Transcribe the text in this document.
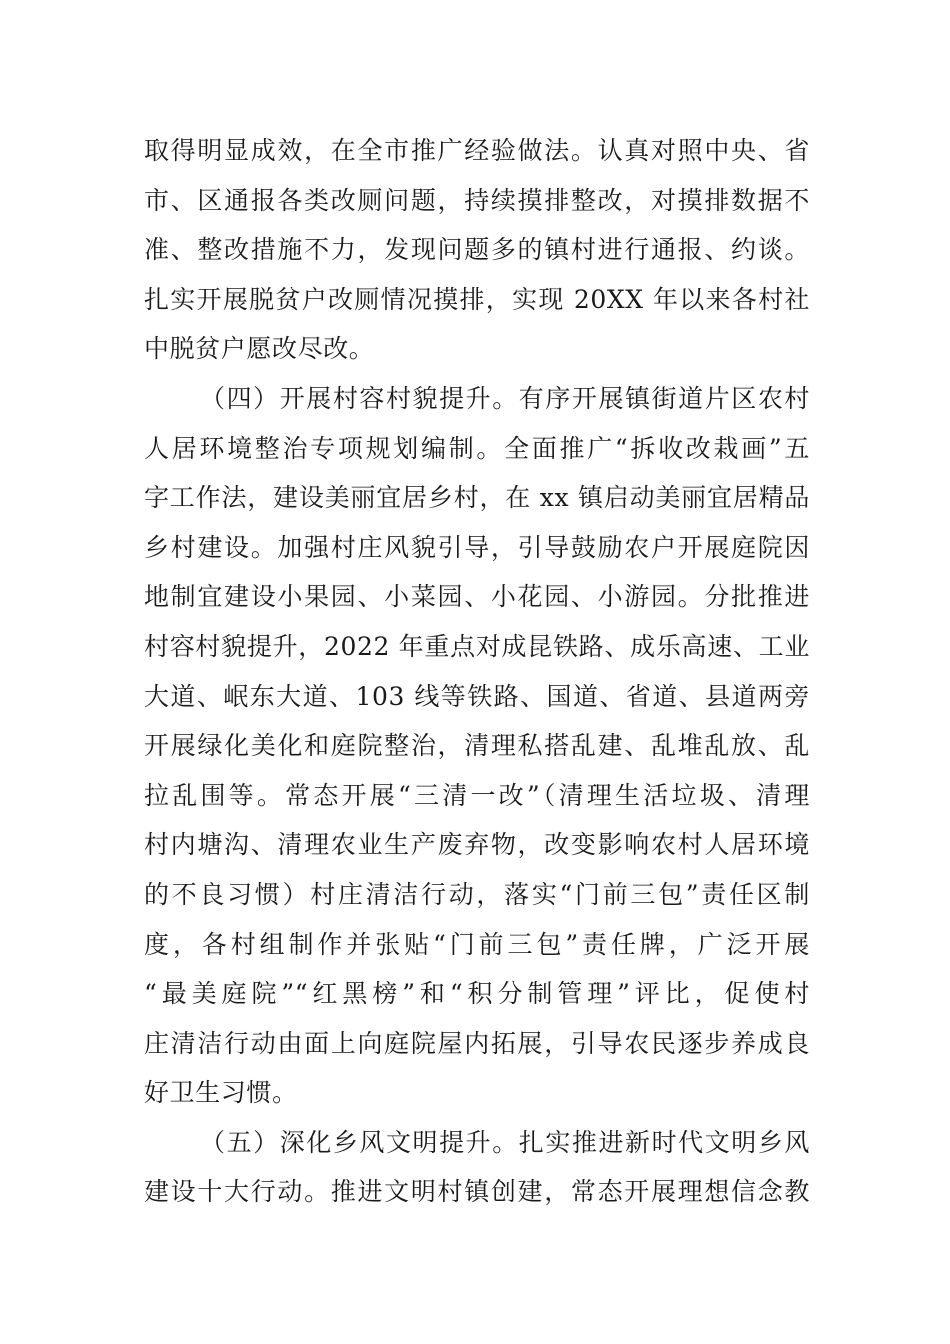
取得明显成效，在全市推广经验做法。认真对照中央、省
市、区通报各类改厕问题，持续摸排整改，对摸排数据不
准、整改措施不力，发现问题多的镇村进行通报、约谈。
扎实开展脱贫户改厕情况摸排，实现 20XX 年以来各村社
中脱贫户愿改尽改。
（四）开展村容村貌提升。有序开展镇街道片区农村
人居环境整治专项规划编制。全面推广“拆收改栽画”五
字工作法，建设美丽宜居乡村，在 xx 镇启动美丽宜居精品
乡村建设。加强村庄风貌引导，引导鼓励农户开展庭院因
地制宜建设小果园、小菜园、小花园、小游园。分批推进
村容村貌提升，2022 年重点对成昆铁路、成乐高速、工业
大道、岷东大道、103 线等铁路、国道、省道、县道两旁
开展绿化美化和庭院整治，清理私搭乱建、乱堆乱放、乱
拉乱围等。常态开展“三清一改”（清理生活垃圾、清理
村内塘沟、清理农业生产废弃物，改变影响农村人居环境
的不良习惯）村庄清洁行动，落实“门前三包”责任区制
度，各村组制作并张贴“门前三包”责任牌，广泛开展
“最美庭院”“红黑榜”和“积分制管理”评比，促使村
庄清洁行动由面上向庭院屋内拓展，引导农民逐步养成良
好卫生习惯。
（五）深化乡风文明提升。扎实推进新时代文明乡风
建设十大行动。推进文明村镇创建，常态开展理想信念教
